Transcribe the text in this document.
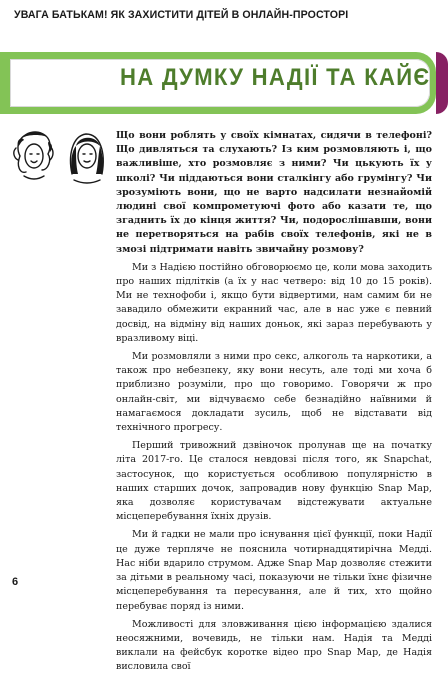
УВАГА БАТЬКАМ! ЯК ЗАХИСТИТИ ДІТЕЙ В ОНЛАЙН-ПРОСТОРІ
НА ДУМКУ НАДІЇ ТА КАЙЄ

Що вони роблять у своїх кімнатах, сидячи в телефоні? Що дивляться та слухають? Із ким розмовляють і, що важливіше, хто розмовляє з ними? Чи цькують їх у школі? Чи піддаються вони сталкінгу або грумінгу? Чи зрозуміють вони, що не варто надсилати незнайомій людині свої компрометуючі фото або казати те, що згаднить їх до кінця життя? Чи, подорослішавши, вони не перетворяться на рабів своїх телефонів, які не в змозі підтримати навіть звичайну розмову?

Ми з Надією постійно обговорюємо це, коли мова заходить про наших підлітків (а їх у нас четверо: від 10 до 15 років). Ми не технофоби і, якщо бути відвертими, нам самим би не завадило обмежити екранний час, але в нас уже є певний досвід, на відміну від наших доньок, які зараз перебувають у вразливому віці.

Ми розмовляли з ними про секс, алкоголь та наркотики, а також про небезпеку, яку вони несуть, але тоді ми хоча б приблизно розуміли, про що говоримо. Говорячи ж про онлайн-світ, ми відчуваємо себе безнадійно наївними й намагаємося докладати зусиль, щоб не відставати від технічного прогресу.

Перший тривожний дзвіночок пролунав ще на початку літа 2017-го. Це сталося невдовзі після того, як Snapchat, застосунок, що користується особливою популярністю в наших старших дочок, запровадив нову функцію Snap Map, яка дозволяє користувачам відстежувати актуальне місцеперебування їхніх друзів.

Ми й гадки не мали про існування цієї функції, поки Надії це дуже терпляче не пояснила чотирнадцятирічна Медді. Нас ніби вдарило струмом. Адже Snap Map дозволяє стежити за дітьми в реальному часі, показуючи не тільки їхнє фізичне місцеперебування та пересування, але й тих, хто щойно перебуває поряд із ними.

Можливості для зловживання цією інформацією здалися неосяжними, вочевидь, не тільки нам. Надія та Медді виклали на фейсбук коротке відео про Snap Map, де Надія висловила свої

6
